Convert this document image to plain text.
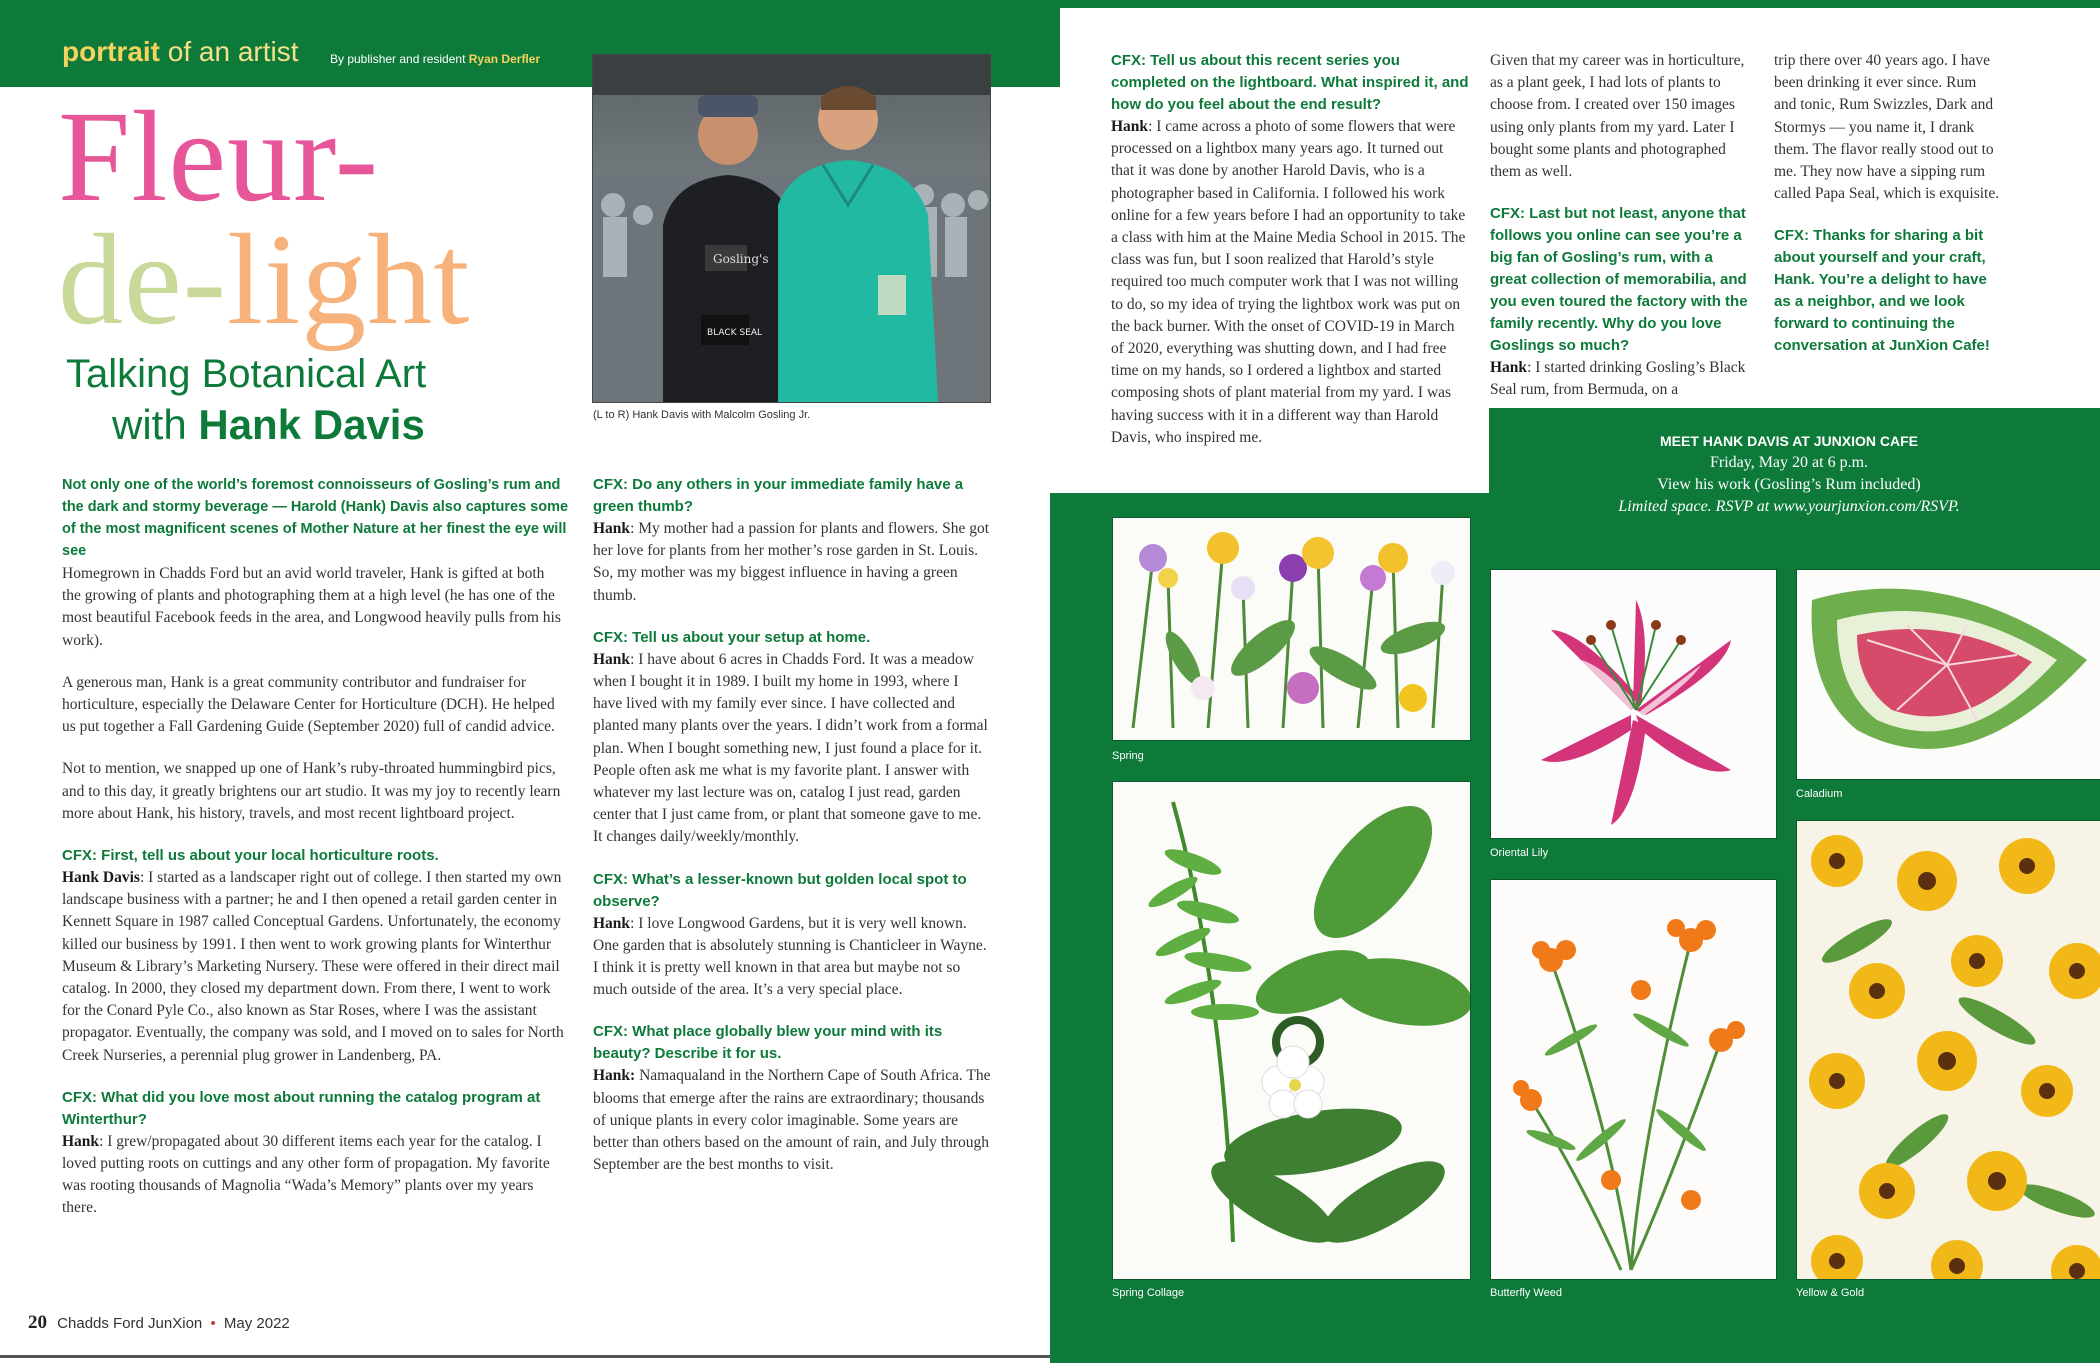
portrait of an artist	By publisher and resident Ryan Derfler
Fleur-
de-light
Talking Botanical Art
with Hank Davis
Gosling's
BLACK SEAL
(L to R) Hank Davis with Malcolm Gosling Jr.
Not only one of the world’s foremost connoisseurs of Gosling’s rum and the dark and stormy beverage — Harold (Hank) Davis also captures some of the most magnificent scenes of Mother Nature at her finest the eye will see

Homegrown in Chadds Ford but an avid world traveler, Hank is gifted at both the growing of plants and photographing them at a high level (he has one of the most beautiful Facebook feeds in the area, and Longwood heavily pulls from his work).

A generous man, Hank is a great community contributor and fundraiser for horticulture, especially the Delaware Center for Horticulture (DCH). He helped us put together a Fall Gardening Guide (September 2020) full of candid advice.

Not to mention, we snapped up one of Hank’s ruby-throated hummingbird pics, and to this day, it greatly brightens our art studio. It was my joy to recently learn more about Hank, his history, travels, and most recent lightboard project.

CFX: First, tell us about your local horticulture roots.

Hank Davis: I started as a landscaper right out of college. I then started my own landscape business with a partner; he and I then opened a retail garden center in Kennett Square in 1987 called Conceptual Gardens. Unfortunately, the economy killed our business by 1991. I then went to work growing plants for Winterthur Museum & Library’s Marketing Nursery. These were offered in their direct mail catalog. In 2000, they closed my department down. From there, I went to work for the Conard Pyle Co., also known as Star Roses, where I was the assistant propagator. Eventually, the company was sold, and I moved on to sales for North Creek Nurseries, a perennial plug grower in Landenberg, PA.

CFX: What did you love most about running the catalog program at Winterthur?

Hank: I grew/propagated about 30 different items each year for the catalog. I loved putting roots on cuttings and any other form of propagation. My favorite was rooting thousands of Magnolia “Wada’s Memory” plants over my years there.

CFX: Do any others in your immediate family have a green thumb?

Hank: My mother had a passion for plants and flowers. She got her love for plants from her mother’s rose garden in St. Louis. So, my mother was my biggest influence in having a green thumb.

CFX: Tell us about your setup at home.

Hank: I have about 6 acres in Chadds Ford. It was a meadow when I bought it in 1989. I built my home in 1993, where I have lived with my family ever since. I have collected and planted many plants over the years. I didn’t work from a formal plan. When I bought something new, I just found a place for it. People often ask me what is my favorite plant. I answer with whatever my last lecture was on, catalog I just read, garden center that I just came from, or plant that someone gave to me. It changes daily/weekly/monthly.

CFX: What’s a lesser-known but golden local spot to observe?

Hank: I love Longwood Gardens, but it is very well known. One garden that is absolutely stunning is Chanticleer in Wayne. I think it is pretty well known in that area but maybe not so much outside of the area. It’s a very special place.

CFX: What place globally blew your mind with its beauty? Describe it for us.

Hank: Namaqualand in the Northern Cape of South Africa. The blooms that emerge after the rains are extraordinary; thousands of unique plants in every color imaginable. Some years are better than others based on the amount of rain, and July through September are the best months to visit.

20 Chadds Ford JunXion • May 2022
CFX: Tell us about this recent series you completed on the lightboard. What inspired it, and how do you feel about the end result?

Hank: I came across a photo of some flowers that were processed on a lightbox many years ago. It turned out that it was done by another Harold Davis, who is a photographer based in California. I followed his work online for a few years before I had an opportunity to take a class with him at the Maine Media School in 2015. The class was fun, but I soon realized that Harold’s style required too much computer work that I was not willing to do, so my idea of trying the lightbox work was put on the back burner. With the onset of COVID-19 in March of 2020, everything was shutting down, and I had free time on my hands, so I ordered a lightbox and started composing shots of plant material from my yard. I was having success with it in a different way than Harold Davis, who inspired me.

Given that my career was in horticulture, as a plant geek, I had lots of plants to choose from. I created over 150 images using only plants from my yard. Later I bought some plants and photographed them as well.

CFX: Last but not least, anyone that follows you online can see you’re a big fan of Gosling’s rum, with a great collection of memorabilia, and you even toured the factory with the family recently. Why do you love Goslings so much?

Hank: I started drinking Gosling’s Black Seal rum, from Bermuda, on a

trip there over 40 years ago. I have been drinking it ever since. Rum and tonic, Rum Swizzles, Dark and Stormys — you name it, I drank them. The flavor really stood out to me. They now have a sipping rum called Papa Seal, which is exquisite.

CFX: Thanks for sharing a bit about yourself and your craft, Hank. You’re a delight to have as a neighbor, and we look forward to continuing the conversation at JunXion Cafe!
MEET HANK DAVIS AT JUNXION CAFE
Friday, May 20 at 6 p.m.
View his work (Gosling’s Rum included)
Limited space. RSVP at www.yourjunxion.com/RSVP.
Spring
Spring Collage
Oriental Lily
Butterfly Weed
Caladium
Yellow & Gold
